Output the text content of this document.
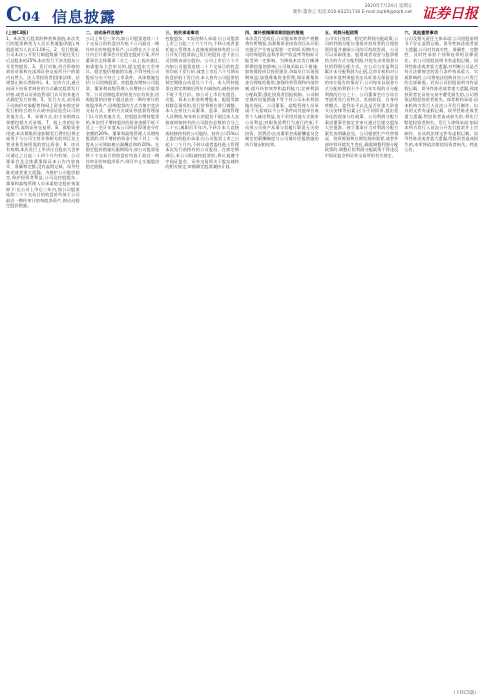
C04 信息披露
2020年7月24日 星期五
制作:董春云 电话:010-83251716 E-mail:zqrb9@zqrb.net 证券日报
(上接C3版)
1、本次发行股票的种类和面值,本次发行的股票种类为人民币普通股(A股),每股面值为人民币1.00元。2、发行数量,公司本次公开发行新股数量不超过发行后总股本的25%,本次发行不涉及股东公开发售股份。3、发行对象,符合资格的询价对象和在深圳证券交易所开户的境内自然人、法人等投资者(国家法律、法规禁止购买者除外)。4、定价方式,通过向网下投资者询价的方式确定股票发行价格,或者以证券监管部门认可的其他方式确定发行价格。5、发行方式,采用网下向询价对象配售和网上资金申购定价发行相结合的方式或中国证监会认可的其他方式。6、承销方式,由主承销商以余额包销方式承销。7、拟上市的证券交易所,深圳证券交易所。8、募集资金用途,本次募集资金扣除发行费用后将全部用于与公司主营业务相关的项目及主营业务发展所需的营运资金。9、决议有效期,本次发行上市决议自股东大会审议通过之日起二十四个月内有效。公司董事会及全体董事保证本公告内容真实、准确和完整,没有虚假记载、误导性陈述或者重大遗漏。为维护公司股价稳定,保护投资者利益,公司及控股股东、董事和高级管理人员承诺稳定股价预案如下:在公司上市后三年内,如公司股票连续二十个交易日的收盘价均低于公司最近一期经审计的每股净资产,则启动稳定股价措施。
二、启动条件及程序
公司上市后三年内,如公司股票连续二十个交易日的收盘价均低于公司最近一期经审计的每股净资产,公司将在五个交易日内召开董事会讨论稳定股价方案,并经董事会全体董事二分之一以上表决通过,如需股东大会审议的,提交股东大会审议。稳定股价措施的实施,不得导致公司股权分布不符合上市条件。具体措施包括:公司回购股票、控股股东增持公司股票、董事和高级管理人员增持公司股票等。公司回购股票的资金为自有资金,回购股票的价格不超过最近一期经审计的每股净资产,回购股票的方式为集中竞价交易方式、要约方式或证券监督管理部门认可的其他方式。控股股东增持股票的,单次用于增持股份的资金金额不低于其上一会计年度从公司所获得现金分红金额的20%。董事和高级管理人员增持股票的,用于增持的资金不低于其上一年度从公司领取税后薪酬总和的20%。在稳定股价措施实施期间内,如公司股票连续十个交易日的收盘价均高于最近一期经审计的每股净资产,则可中止实施股价稳定措施。
三、相关承诺事项
控股股东、实际控制人承诺:自公司股票上市之日起三十六个月内,不转让或者委托他人管理本人直接或间接持有的公司公开发行股票前已发行的股份,也不由公司回购该部分股份。公司上市后六个月内如公司股票连续二十个交易日的收盘价均低于发行价,或者上市后六个月期末收盘价低于发行价,本人持有公司股票的锁定期限自动延长六个月。本人所持股票在锁定期满后两年内减持的,减持价格不低于发行价。如公司上市后有派息、送股、资本公积金转增股本、配股等除权除息事项的,发行价将相应进行调整。本人在担任公司董事、监事、高级管理人员期间,每年转让的股份不超过本人直接或间接持有的公司股份总数的百分之二十五;离职后半年内,不转让本人直接或间接持有的公司股份。持有公司5%以上股份的股东承诺:自公司股票上市之日起十二个月内,不转让或者委托他人管理本次发行前持有的公司股份。在锁定期满后,本公司拟减持股票的,将认真遵守中国证监会、证券交易所关于股东减持的相关规定,审慎制定股票减持计划。
四、填补被摊薄即期回报的措施
本次发行完成后,公司股本和净资产规模将有所增加,而募集资金投资项目从开始实施至产生效益需要一定时间,短期内公司的每股收益和净资产收益率等指标可能受到一定影响。为降低本次发行摊薄即期回报的影响,公司拟采取以下措施:加快募投项目投资建设,争取早日实现预期效益;加强募集资金管理,保证募集资金合理规范使用;加强经营管理和内部控制,提升经营效率和盈利能力;完善利润分配政策,强化投资者回报机制。公司制定填补回报措施不等于对公司未来利润做出保证。公司董事、高级管理人员承诺:不无偿或以不公平条件向其他单位或者个人输送利益,也不采用其他方式损害公司利益;对职务消费行为进行约束;不动用公司资产从事与其履行职责无关的投资、消费活动;由董事会或薪酬委员会制定的薪酬制度与公司填补回报措施的执行情况相挂钩。
五、利润分配政策
公司实行连续、稳定的利润分配政策,公司的利润分配应重视对投资者的合理投资回报并兼顾公司的可持续发展。公司可以采取现金、股票或者现金与股票相结合的方式分配利润,并优先采用现金分红的利润分配方式。在公司当年盈利且累计未分配利润为正值,且审计机构对公司该年度财务报告出具标准无保留意见的审计报告的情况下,公司每年以现金方式分配的利润不少于当年实现的可分配利润的百分之十。公司董事会应当综合考虑所处行业特点、发展阶段、自身经营模式、盈利水平以及是否有重大资金支出安排等因素,区分不同情形,提出差异化的现金分红政策。公司利润分配方案由董事会拟定并审议通过后提交股东大会批准。独立董事应当对利润分配方案发表明确意见。公司根据生产经营情况、投资规划和长期发展的需要,或者外部经营环境发生变化,确需调整利润分配政策的,调整后的利润分配政策不得违反中国证监会和证券交易所的有关规定。
六、其他重要事项
公司及相关责任主体承诺:公司招股说明书不存在虚假记载、误导性陈述或者重大遗漏,公司对其真实性、准确性、完整性、及时性承担个别和连带的法律责任。若公司招股说明书有虚假记载、误导性陈述或者重大遗漏,对判断公司是否符合法律规定的发行条件构成重大、实质影响的,公司将依法回购首次公开发行的全部新股。若因公司招股说明书有虚假记载、误导性陈述或者重大遗漏,致使投资者在证券交易中遭受损失的,公司将依法赔偿投资者损失。保荐机构承诺:因本机构为发行人首次公开发行制作、出具的文件有虚假记载、误导性陈述或者重大遗漏,给投资者造成损失的,将先行赔偿投资者损失。发行人律师承诺:如因本所为发行人首次公开发行股票并上市制作、出具的法律文件有虚假记载、误导性陈述或者重大遗漏,给投资者造成损失的,本所将依法赔偿投资者损失。特此公告。
(下转C5版)
